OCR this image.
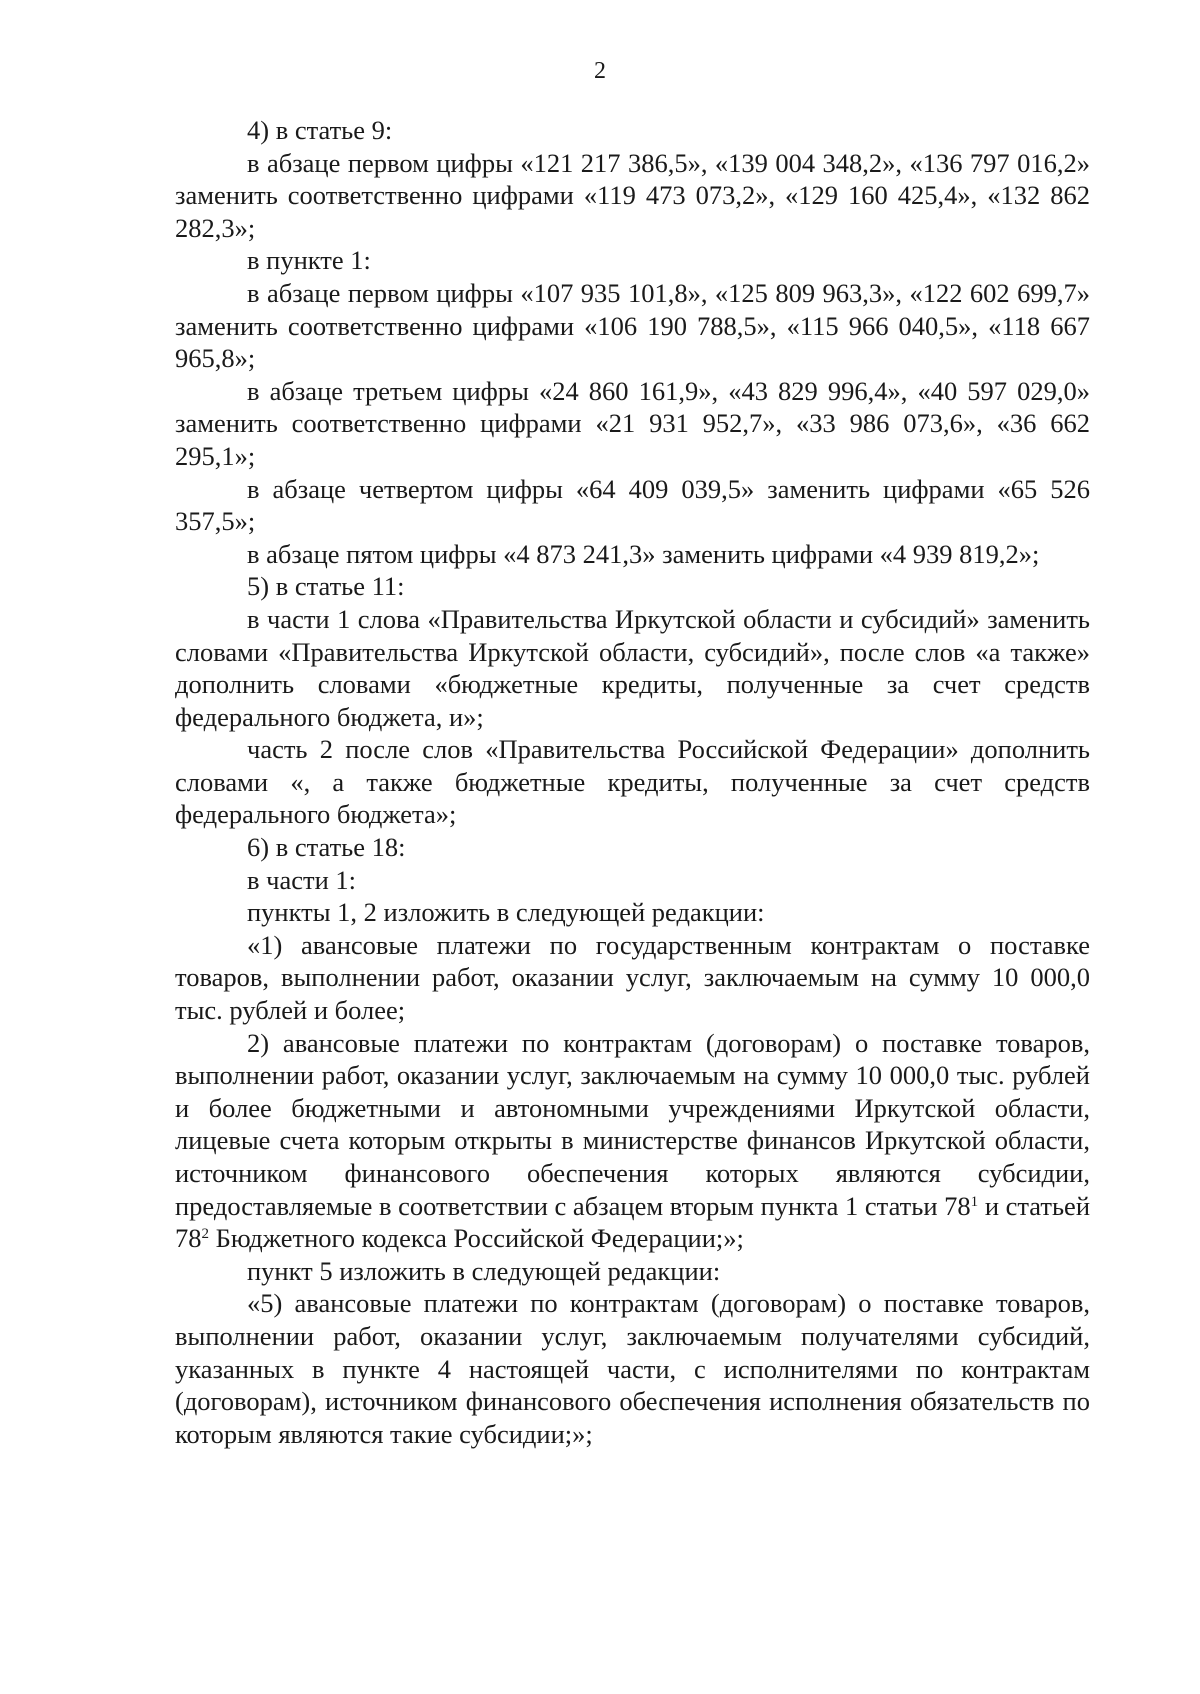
2

4) в статье 9:

в абзаце первом цифры «121 217 386,5», «139 004 348,2», «136 797 016,2» заменить соответственно цифрами «119 473 073,2», «129 160 425,4», «132 862 282,3»;

в пункте 1:

в абзаце первом цифры «107 935 101,8», «125 809 963,3», «122 602 699,7» заменить соответственно цифрами «106 190 788,5», «115 966 040,5», «118 667 965,8»;

в абзаце третьем цифры «24 860 161,9», «43 829 996,4», «40 597 029,0» заменить соответственно цифрами «21 931 952,7», «33 986 073,6», «36 662 295,1»;

в абзаце четвертом цифры «64 409 039,5» заменить цифрами «65 526 357,5»;

в абзаце пятом цифры «4 873 241,3» заменить цифрами «4 939 819,2»;

5) в статье 11:

в части 1 слова «Правительства Иркутской области и субсидий» заменить словами «Правительства Иркутской области, субсидий», после слов «а также» дополнить словами «бюджетные кредиты, полученные за счет средств федерального бюджета, и»;

часть 2 после слов «Правительства Российской Федерации» дополнить словами «, а также бюджетные кредиты, полученные за счет средств федерального бюджета»;

6) в статье 18:

в части 1:

пункты 1, 2 изложить в следующей редакции:

«1) авансовые платежи по государственным контрактам о поставке товаров, выполнении работ, оказании услуг, заключаемым на сумму 10 000,0 тыс. рублей и более;

2) авансовые платежи по контрактам (договорам) о поставке товаров, выполнении работ, оказании услуг, заключаемым на сумму 10 000,0 тыс. рублей и более бюджетными и автономными учреждениями Иркутской области, лицевые счета которым открыты в министерстве финансов Иркутской области, источником финансового обеспечения которых являются субсидии, предоставляемые в соответствии с абзацем вторым пункта 1 статьи $78^1$ и статьей $78^2$ Бюджетного кодекса Российской Федерации;»;

пункт 5 изложить в следующей редакции:

«5) авансовые платежи по контрактам (договорам) о поставке товаров, выполнении работ, оказании услуг, заключаемым получателями субсидий, указанных в пункте 4 настоящей части, с исполнителями по контрактам (договорам), источником финансового обеспечения исполнения обязательств по которым являются такие субсидии;»;
